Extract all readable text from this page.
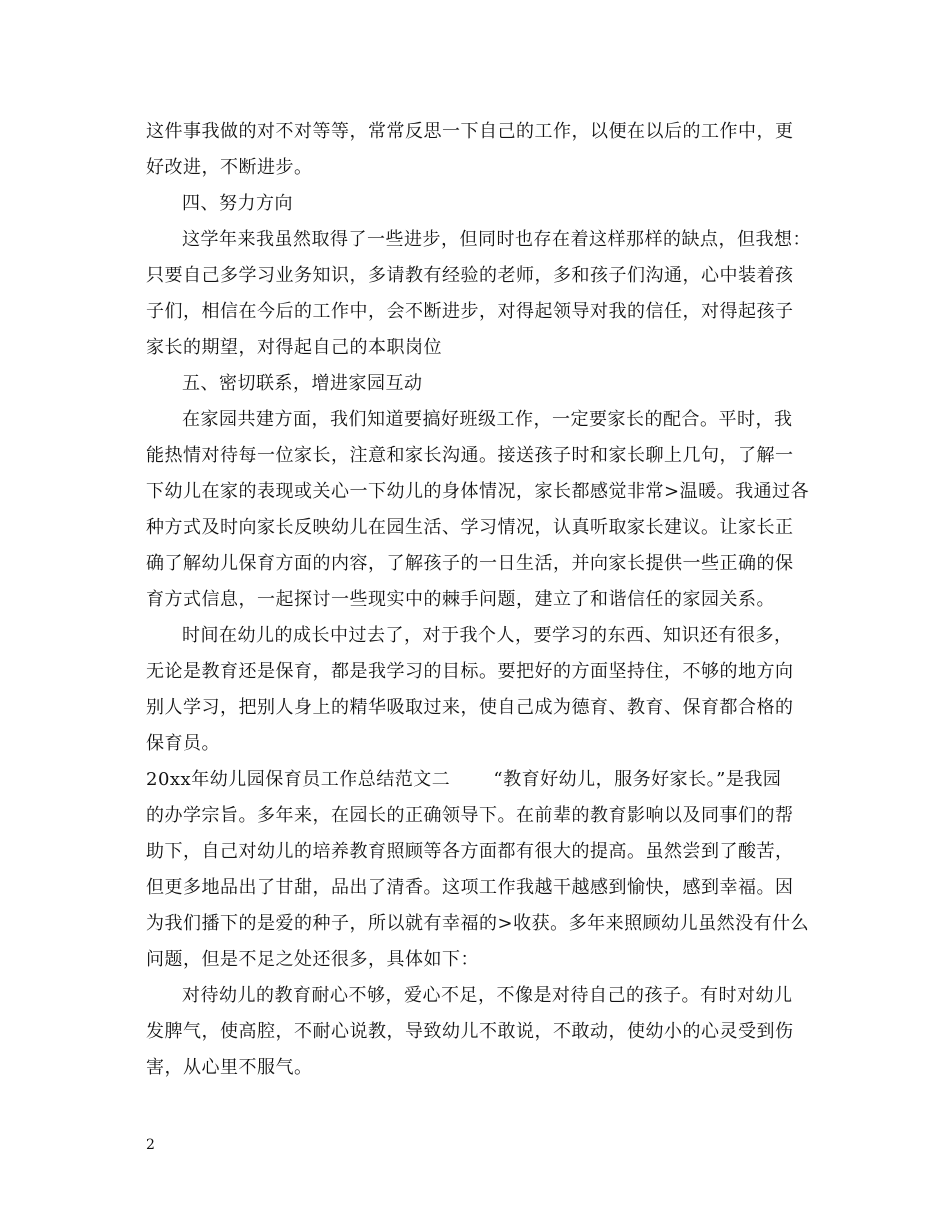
这件事我做的对不对等等，常常反思一下自己的工作，以便在以后的工作中，更
好改进，不断进步。
四、努力方向
这学年来我虽然取得了一些进步，但同时也存在着这样那样的缺点，但我想：
只要自己多学习业务知识，多请教有经验的老师，多和孩子们沟通，心中装着孩
子们，相信在今后的工作中，会不断进步，对得起领导对我的信任，对得起孩子
家长的期望，对得起自己的本职岗位
五、密切联系，增进家园互动
在家园共建方面，我们知道要搞好班级工作，一定要家长的配合。平时，我
能热情对待每一位家长，注意和家长沟通。接送孩子时和家长聊上几句，了解一
下幼儿在家的表现或关心一下幼儿的身体情况，家长都感觉非常>温暖。我通过各
种方式及时向家长反映幼儿在园生活、学习情况，认真听取家长建议。让家长正
确了解幼儿保育方面的内容，了解孩子的一日生活，并向家长提供一些正确的保
育方式信息，一起探讨一些现实中的棘手问题，建立了和谐信任的家园关系。
时间在幼儿的成长中过去了，对于我个人，要学习的东西、知识还有很多，
无论是教育还是保育，都是我学习的目标。要把好的方面坚持住，不够的地方向
别人学习，把别人身上的精华吸取过来，使自己成为德育、教育、保育都合格的
保育员。
20xx年幼儿园保育员工作总结范文二　　 “教育好幼儿，服务好家长。”是我园
的办学宗旨。多年来，在园长的正确领导下。在前辈的教育影响以及同事们的帮
助下，自己对幼儿的培养教育照顾等各方面都有很大的提高。虽然尝到了酸苦，
但更多地品出了甘甜，品出了清香。这项工作我越干越感到愉快，感到幸福。因
为我们播下的是爱的种子，所以就有幸福的>收获。多年来照顾幼儿虽然没有什么
问题，但是不足之处还很多，具体如下：
对待幼儿的教育耐心不够，爱心不足，不像是对待自己的孩子。有时对幼儿
发脾气，使高腔，不耐心说教，导致幼儿不敢说，不敢动，使幼小的心灵受到伤
害，从心里不服气。
2
